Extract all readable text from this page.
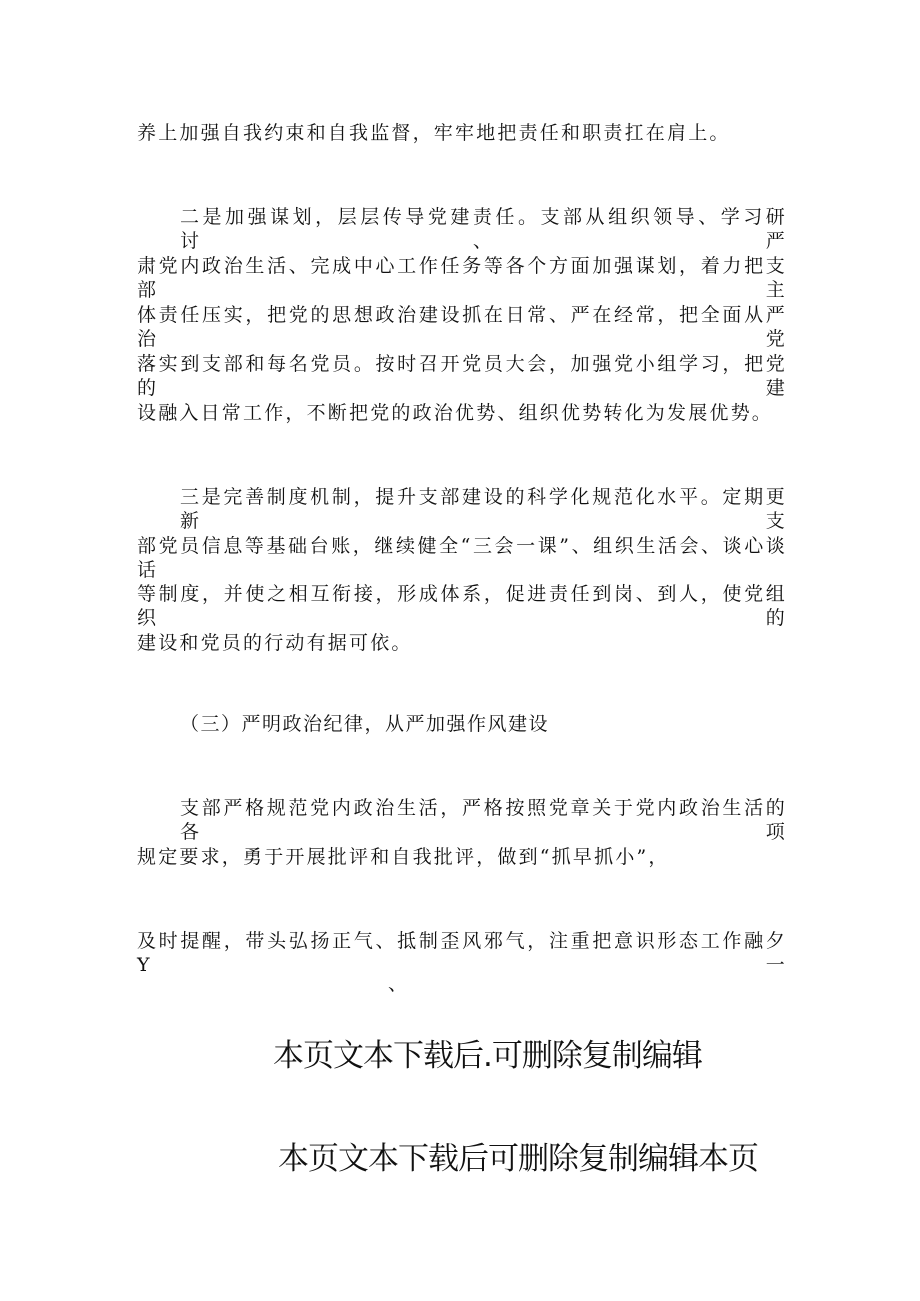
养上加强自我约束和自我监督，牢牢地把责任和职责扛在肩上。
二是加强谋划，层层传导党建责任。支部从组织领导、学习研讨、严
肃党内政治生活、完成中心工作任务等各个方面加强谋划，着力把支部主
体责任压实，把党的思想政治建设抓在日常、严在经常，把全面从严治党
落实到支部和每名党员。按时召开党员大会，加强党小组学习，把党的建
设融入日常工作，不断把党的政治优势、组织优势转化为发展优势。
三是完善制度机制，提升支部建设的科学化规范化水平。定期更新支
部党员信息等基础台账，继续健全“三会一课”、组织生活会、谈心谈话
等制度，并使之相互衔接，形成体系，促进责任到岗、到人，使党组织的
建设和党员的行动有据可依。
（三）严明政治纪律，从严加强作风建设
支部严格规范党内政治生活，严格按照党章关于党内政治生活的各项
规定要求，勇于开展批评和自我批评，做到“抓早抓小”，
及时提醒，带头弘扬正气、抵制歪风邪气，注重把意识形态工作融夕Y 一
、
本页文本下载后.可删除复制编辑
本页文本下载后可删除复制编辑本页
